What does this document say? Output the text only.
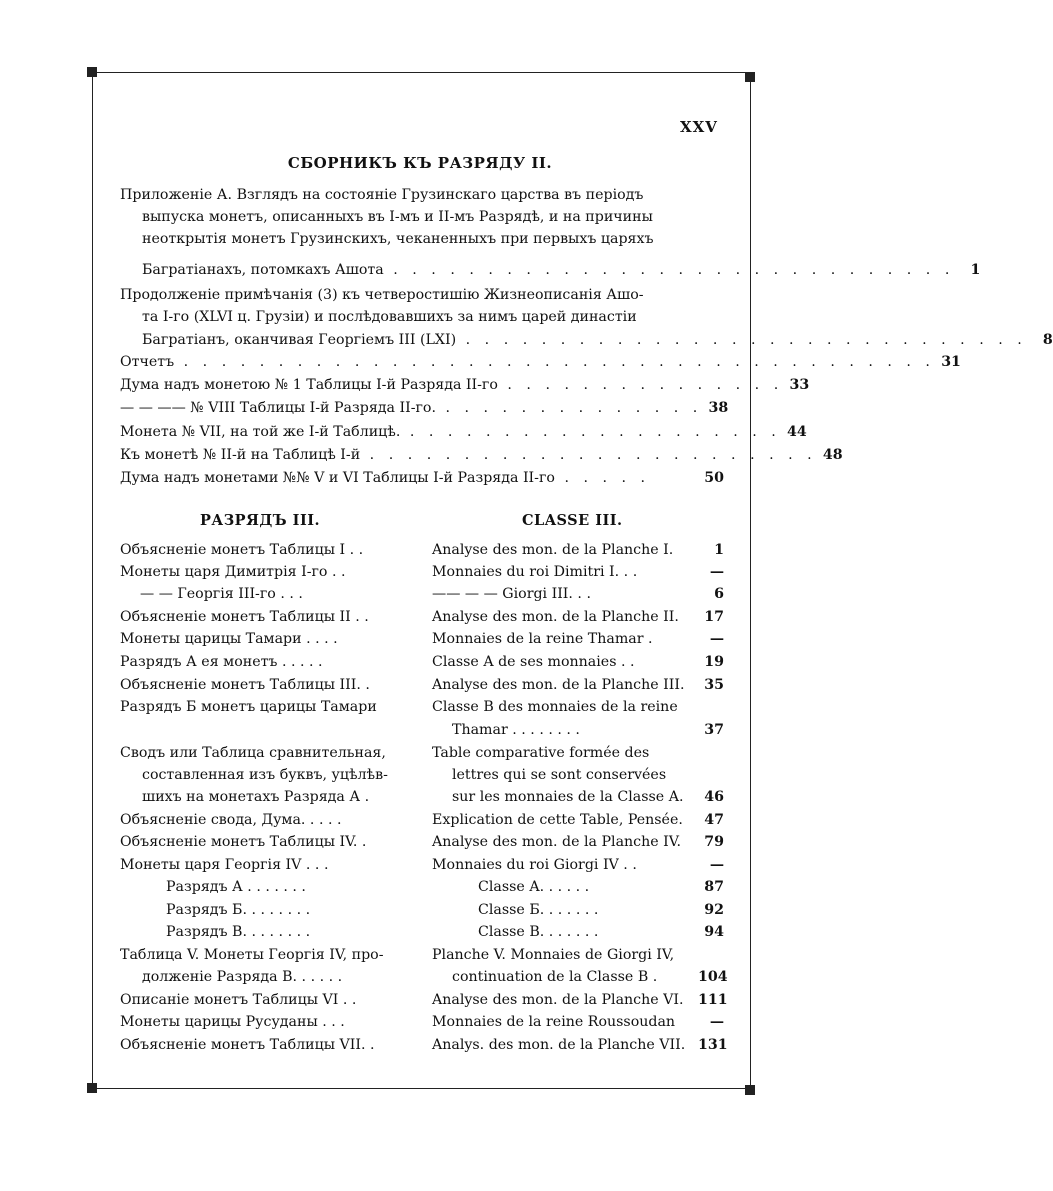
XXV
СБОРНИКЪ КЪ РАЗРЯДУ II.
Приложеніе А. Взглядъ на состояніе Грузинскаго царства въ періодъ
выпуска монетъ, описанныхъ въ I-мъ и II-мъ Разрядѣ, и на причины
неоткрытія монетъ Грузинскихъ, чеканенныхъ при первыхъ царяхъ
Багратіанахъ, потомкахъ Ашота . . . . . . . . . . . . . . . . . . . . . . . . . . . . . .	1
Продолженіе примѣчанія (3) къ четверостишію Жизнеописанія Ашо-
та I-го (XLVI ц. Грузіи) и послѣдовавшихъ за нимъ царей династіи
Багратіанъ, оканчивая Георгіемъ III (LXI) . . . . . . . . . . . . . . . . . . . . . . . . . . . . . .	8
Отчетъ . . . . . . . . . . . . . . . . . . . . . . . . . . . . . . . . . . . . . . . . 31
Дума надъ монетою № 1 Таблицы I-й Разряда II-го . . . . . . . . . . . . . . . 33
— — —— № VIII Таблицы I-й Разряда II-го. . . . . . . . . . . . . . . 38
Монета № VII, на той же I-й Таблицѣ. . . . . . . . . . . . . . . . . . . . . 44
Къ монетѣ № II-й на Таблицѣ I-й . . . . . . . . . . . . . . . . . . . . . . . . 48
Дума надъ монетами №№ V и VI Таблицы I-й Разряда II-го . . . . .	50
РАЗРЯДЪ III.	CLASSE III.
Объясненіе монетъ Таблицы I . .	Analyse des mon. de la Planche I.	1
Монеты царя Димитрія I-го . .	Monnaies du roi Dimitri I. . .	—
— — Георгія III-го . . .	—— — — Giorgi III. . .	6
Объясненіе монетъ Таблицы II . .	Analyse des mon. de la Planche II.	17
Монеты царицы Тамари . . . .	Monnaies de la reine Thamar .	—
Разрядъ А ея монетъ . . . . .	Classe A de ses monnaies . .	19
Объясненіе монетъ Таблицы III. .	Analyse des mon. de la Planche III.	35
Разрядъ Б монетъ царицы Тамари	Classe B des monnaies de la reine
Thamar . . . . . . . .	37
Сводъ или Таблица сравнительная,	Table comparative formée des
составленная изъ буквъ, уцѣлѣв-	lettres qui se sont conservées
шихъ на монетахъ Разряда А .	sur les monnaies de la Classe A.	46
Объясненіе свода, Дума. . . . .	Explication de cette Table, Pensée.	47
Объясненіе монетъ Таблицы IV. .	Analyse des mon. de la Planche IV.	79
Монеты царя Георгія IV . . .	Monnaies du roi Giorgi IV . .	—
Разрядъ А . . . . . . .	Classe A. . . . . .	87
Разрядъ Б. . . . . . . .	Classe Б. . . . . . .	92
Разрядъ В. . . . . . . .	Classe B. . . . . . .	94
Таблица V. Монеты Георгія IV, про-	Planche V. Monnaies de Giorgi IV,
долженіе Разряда В. . . . . .	continuation de la Classe B .	104
Описаніе монетъ Таблицы VI . .	Analyse des mon. de la Planche VI.	111
Монеты царицы Русуданы . . .	Monnaies de la reine Roussoudan	—
Объясненіе монетъ Таблицы VII. .	Analys. des mon. de la Planche VII. 131
